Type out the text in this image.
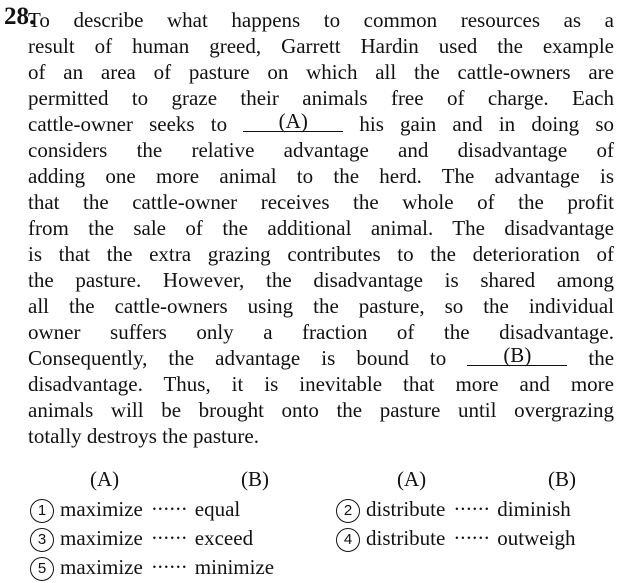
28.
To describe what happens to common resources as a
result of human greed, Garrett Hardin used the example
of an area of pasture on which all the cattle-owners are
permitted to graze their animals free of charge. Each
cattle-owner seeks to (A) his gain and in doing so
considers the relative advantage and disadvantage of
adding one more animal to the herd. The advantage is
that the cattle-owner receives the whole of the profit
from the sale of the additional animal. The disadvantage
is that the extra grazing contributes to the deterioration of
the pasture. However, the disadvantage is shared among
all the cattle-owners using the pasture, so the individual
owner suffers only a fraction of the disadvantage.
Consequently, the advantage is bound to	(B)	the
disadvantage. Thus, it is inevitable that more and more
animals will be brought onto the pasture until overgrazing
totally destroys the pasture.
(A)	(B)	(A)	(B)
1 maximize ······ equal	2 distribute ······ diminish
3 maximize ······ exceed	4 distribute ······ outweigh
5 maximize ······ minimize
